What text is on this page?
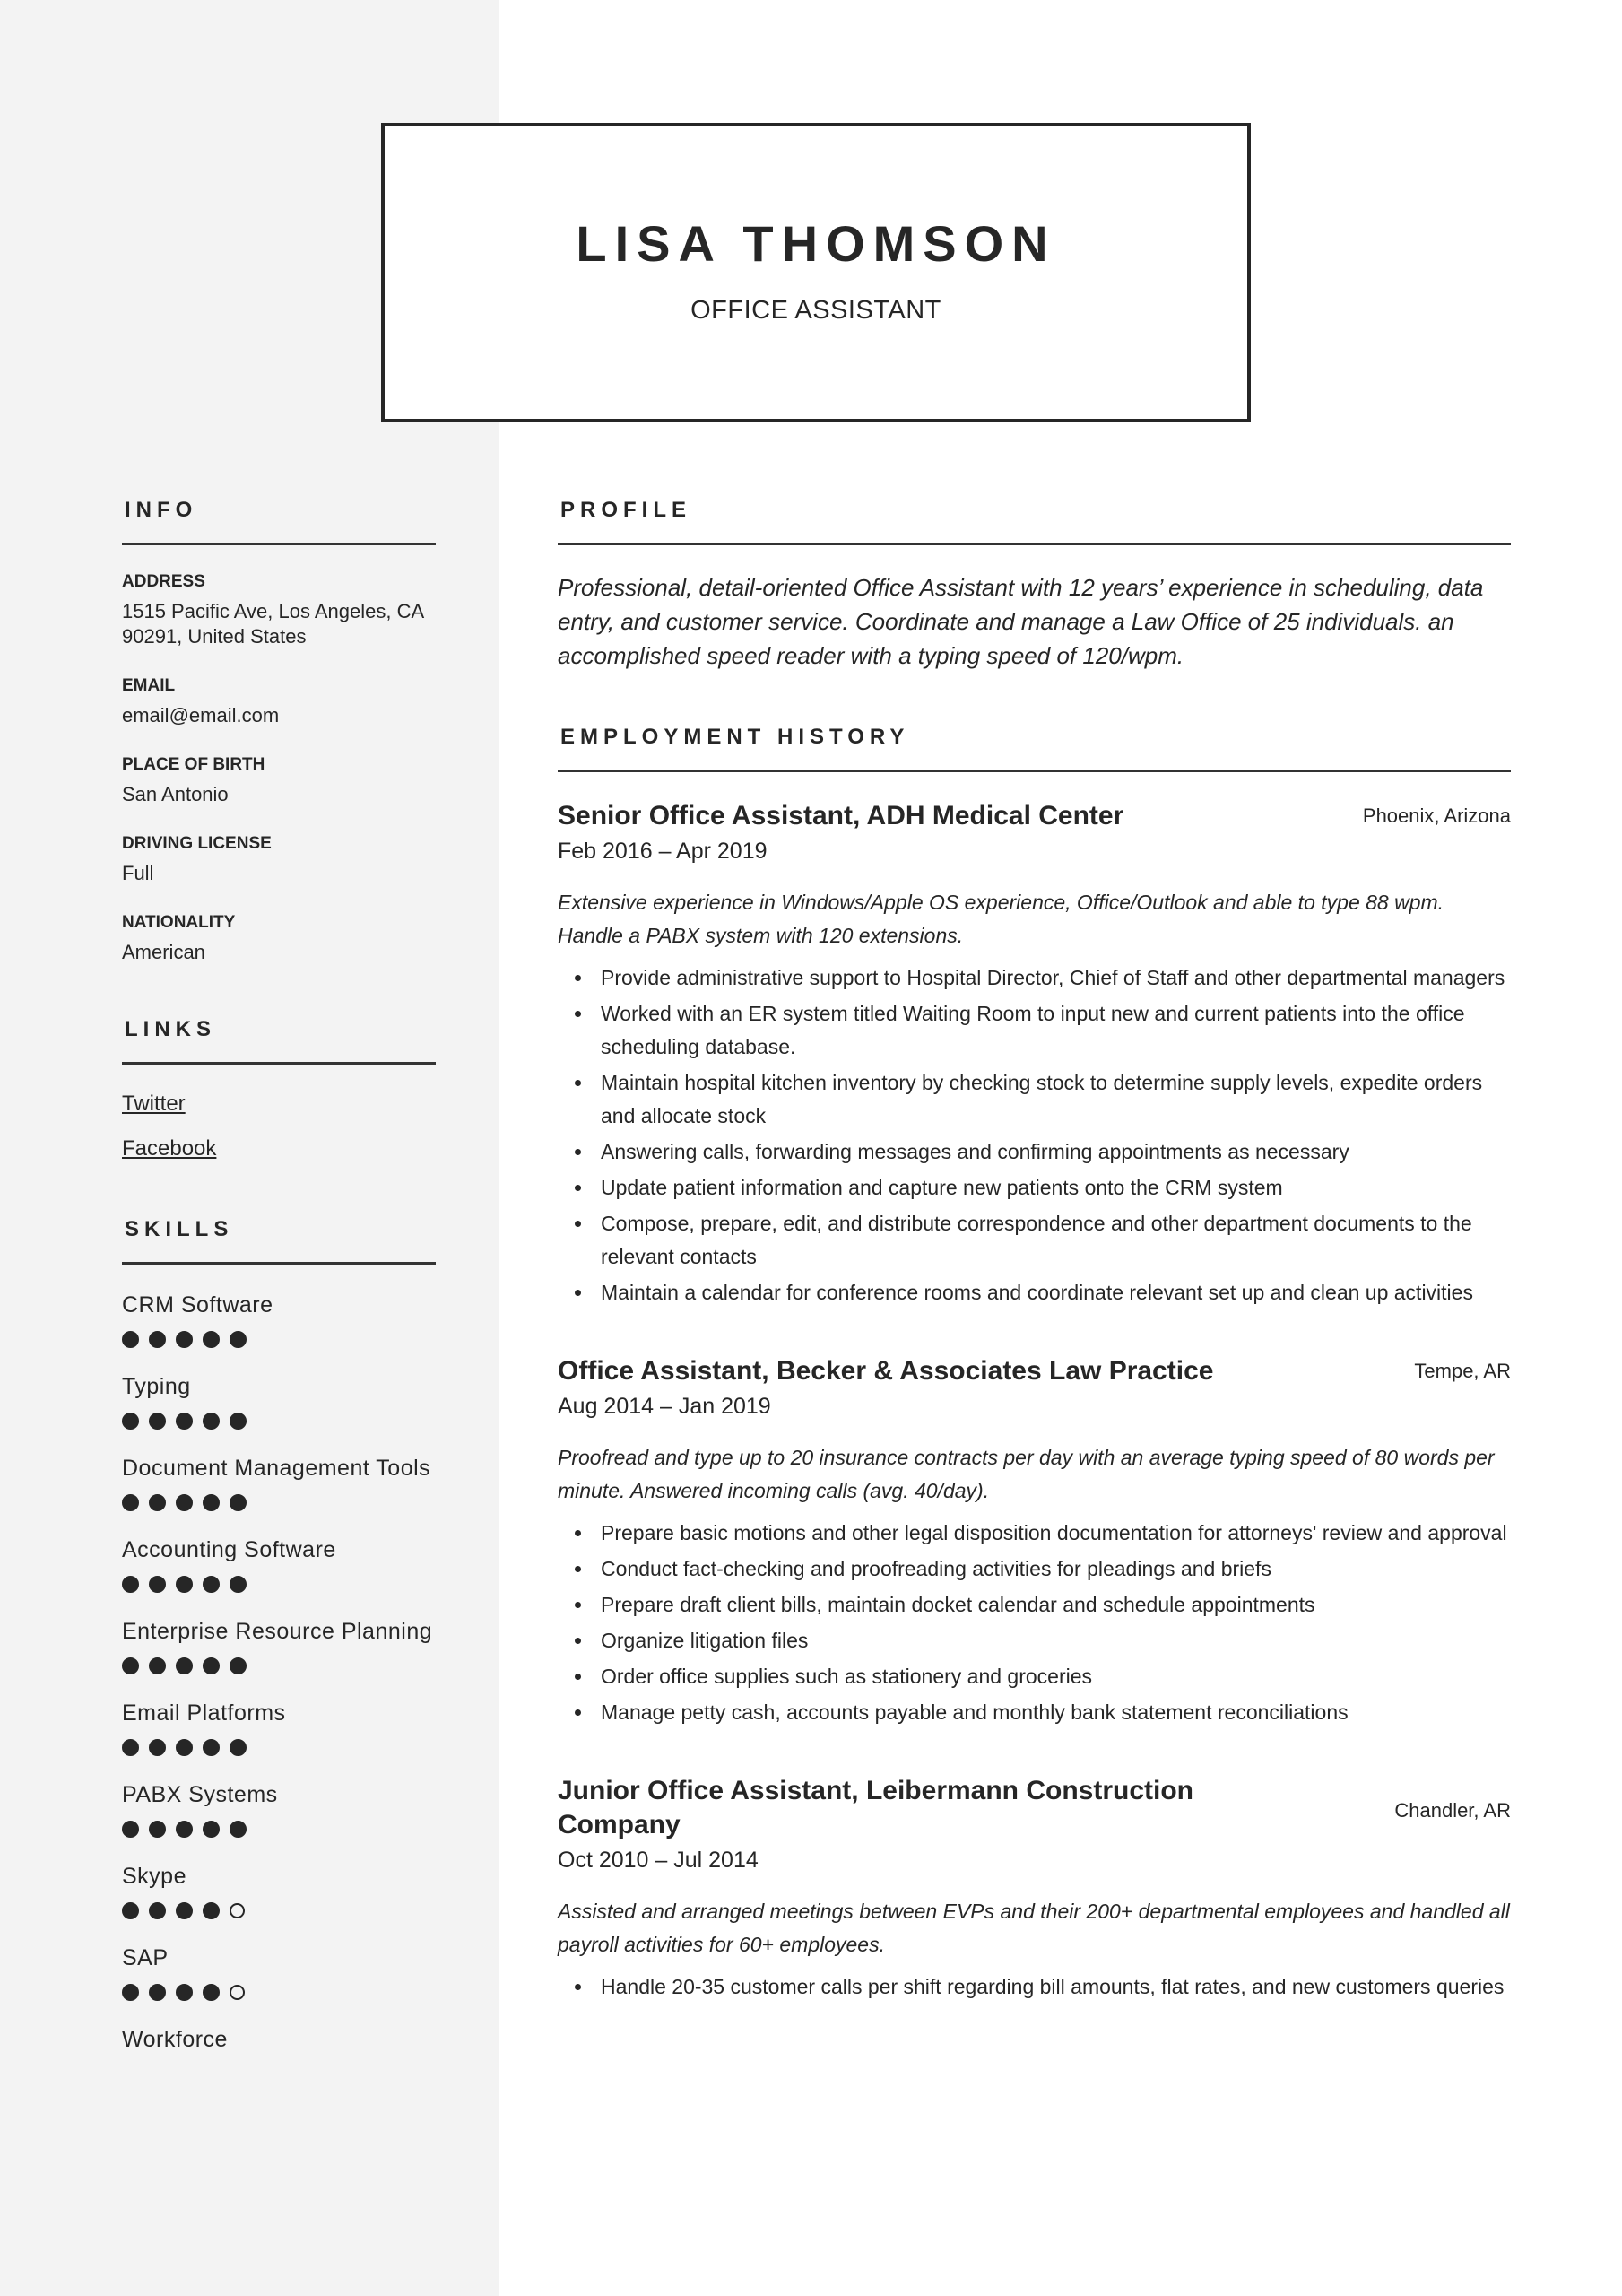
LISA THOMSON
OFFICE ASSISTANT
INFO
ADDRESS
1515 Pacific Ave, Los Angeles, CA 90291, United States
EMAIL
email@email.com
PLACE OF BIRTH
San Antonio
DRIVING LICENSE
Full
NATIONALITY
American
LINKS
Twitter
Facebook
SKILLS
CRM Software
Typing
Document Management Tools
Accounting Software
Enterprise Resource Planning
Email Platforms
PABX Systems
Skype
SAP
Workforce
PROFILE

Professional, detail-oriented Office Assistant with 12 years’ experience in scheduling, data entry, and customer service. Coordinate and manage a Law Office of 25 individuals. an accomplished speed reader with a typing speed of 120/wpm.

EMPLOYMENT HISTORY
Senior Office Assistant, ADH Medical Center	Phoenix, Arizona
Feb 2016 – Apr 2019
Extensive experience in Windows/Apple OS experience, Office/Outlook and able to type 88 wpm. Handle a PABX system with 120 extensions.
Provide administrative support to Hospital Director, Chief of Staff and other departmental managers
Worked with an ER system titled Waiting Room to input new and current patients into the office scheduling database.
Maintain hospital kitchen inventory by checking stock to determine supply levels, expedite orders and allocate stock
Answering calls, forwarding messages and confirming appointments as necessary
Update patient information and capture new patients onto the CRM system
Compose, prepare, edit, and distribute correspondence and other department documents to the relevant contacts
Maintain a calendar for conference rooms and coordinate relevant set up and clean up activities
Office Assistant, Becker & Associates Law Practice	Tempe, AR
Aug 2014 – Jan 2019
Proofread and type up to 20 insurance contracts per day with an average typing speed of 80 words per minute. Answered incoming calls (avg. 40/day).
Prepare basic motions and other legal disposition documentation for attorneys' review and approval
Conduct fact-checking and proofreading activities for pleadings and briefs
Prepare draft client bills, maintain docket calendar and schedule appointments
Organize litigation files
Order office supplies such as stationery and groceries
Manage petty cash, accounts payable and monthly bank statement reconciliations
Junior Office Assistant, Leibermann Construction Company	Chandler, AR
Oct 2010 – Jul 2014
Assisted and arranged meetings between EVPs and their 200+ departmental employees and handled all payroll activities for 60+ employees.
Handle 20-35 customer calls per shift regarding bill amounts, flat rates, and new customers queries
